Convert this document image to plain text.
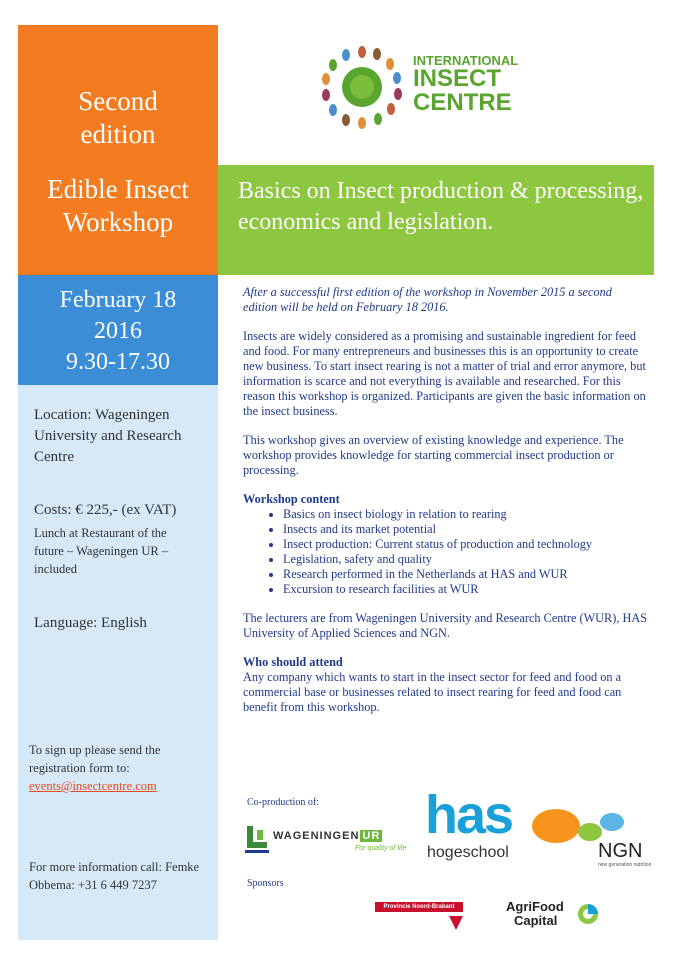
Second
edition
Edible Insect
Workshop
February 18
2016
9.30-17.30
Basics on Insect production & processing, economics and legislation.
INTERNATIONAL
INSECT
CENTRE
Location: Wageningen University and Research Centre
Costs: € 225,- (ex VAT)
Lunch at Restaurant of the future – Wageningen UR – included
Language: English
To sign up please send the registration form to:
events@insectcentre.com
For more information call: Femke Obbema: +31 6 449 7237

After a successful first edition of the workshop in November 2015 a second edition will be held on February 18 2016.

Insects are widely considered as a promising and sustainable ingredient for feed and food. For many entrepreneurs and businesses this is an opportunity to create new business. To start insect rearing is not a matter of trial and error anymore, but information is scarce and not everything is available and researched. For this reason this workshop is organized. Participants are given the basic information on the insect business.

This workshop gives an overview of existing knowledge and experience. The workshop provides knowledge for starting commercial insect production or processing.

Workshop content

• Basics on insect biology in relation to rearing
• Insects and its market potential
• Insect production: Current status of production and technology
• Legislation, safety and quality
• Research performed in the Netherlands at HAS and WUR
• Excursion to research facilities at WUR

The lecturers are from Wageningen University and Research Centre (WUR), HAS University of Applied Sciences and NGN.

Who should attend

Any company which wants to start in the insect sector for feed and food on a commercial base or businesses related to insect rearing for feed and food can benefit from this workshop.

Co-production of:
Sponsors
WAGENINGEN UR
For quality of life
has
hogeschool	NGN
new generation nutrition
Provincie Noord-Brabant	AgriFood
Capital
